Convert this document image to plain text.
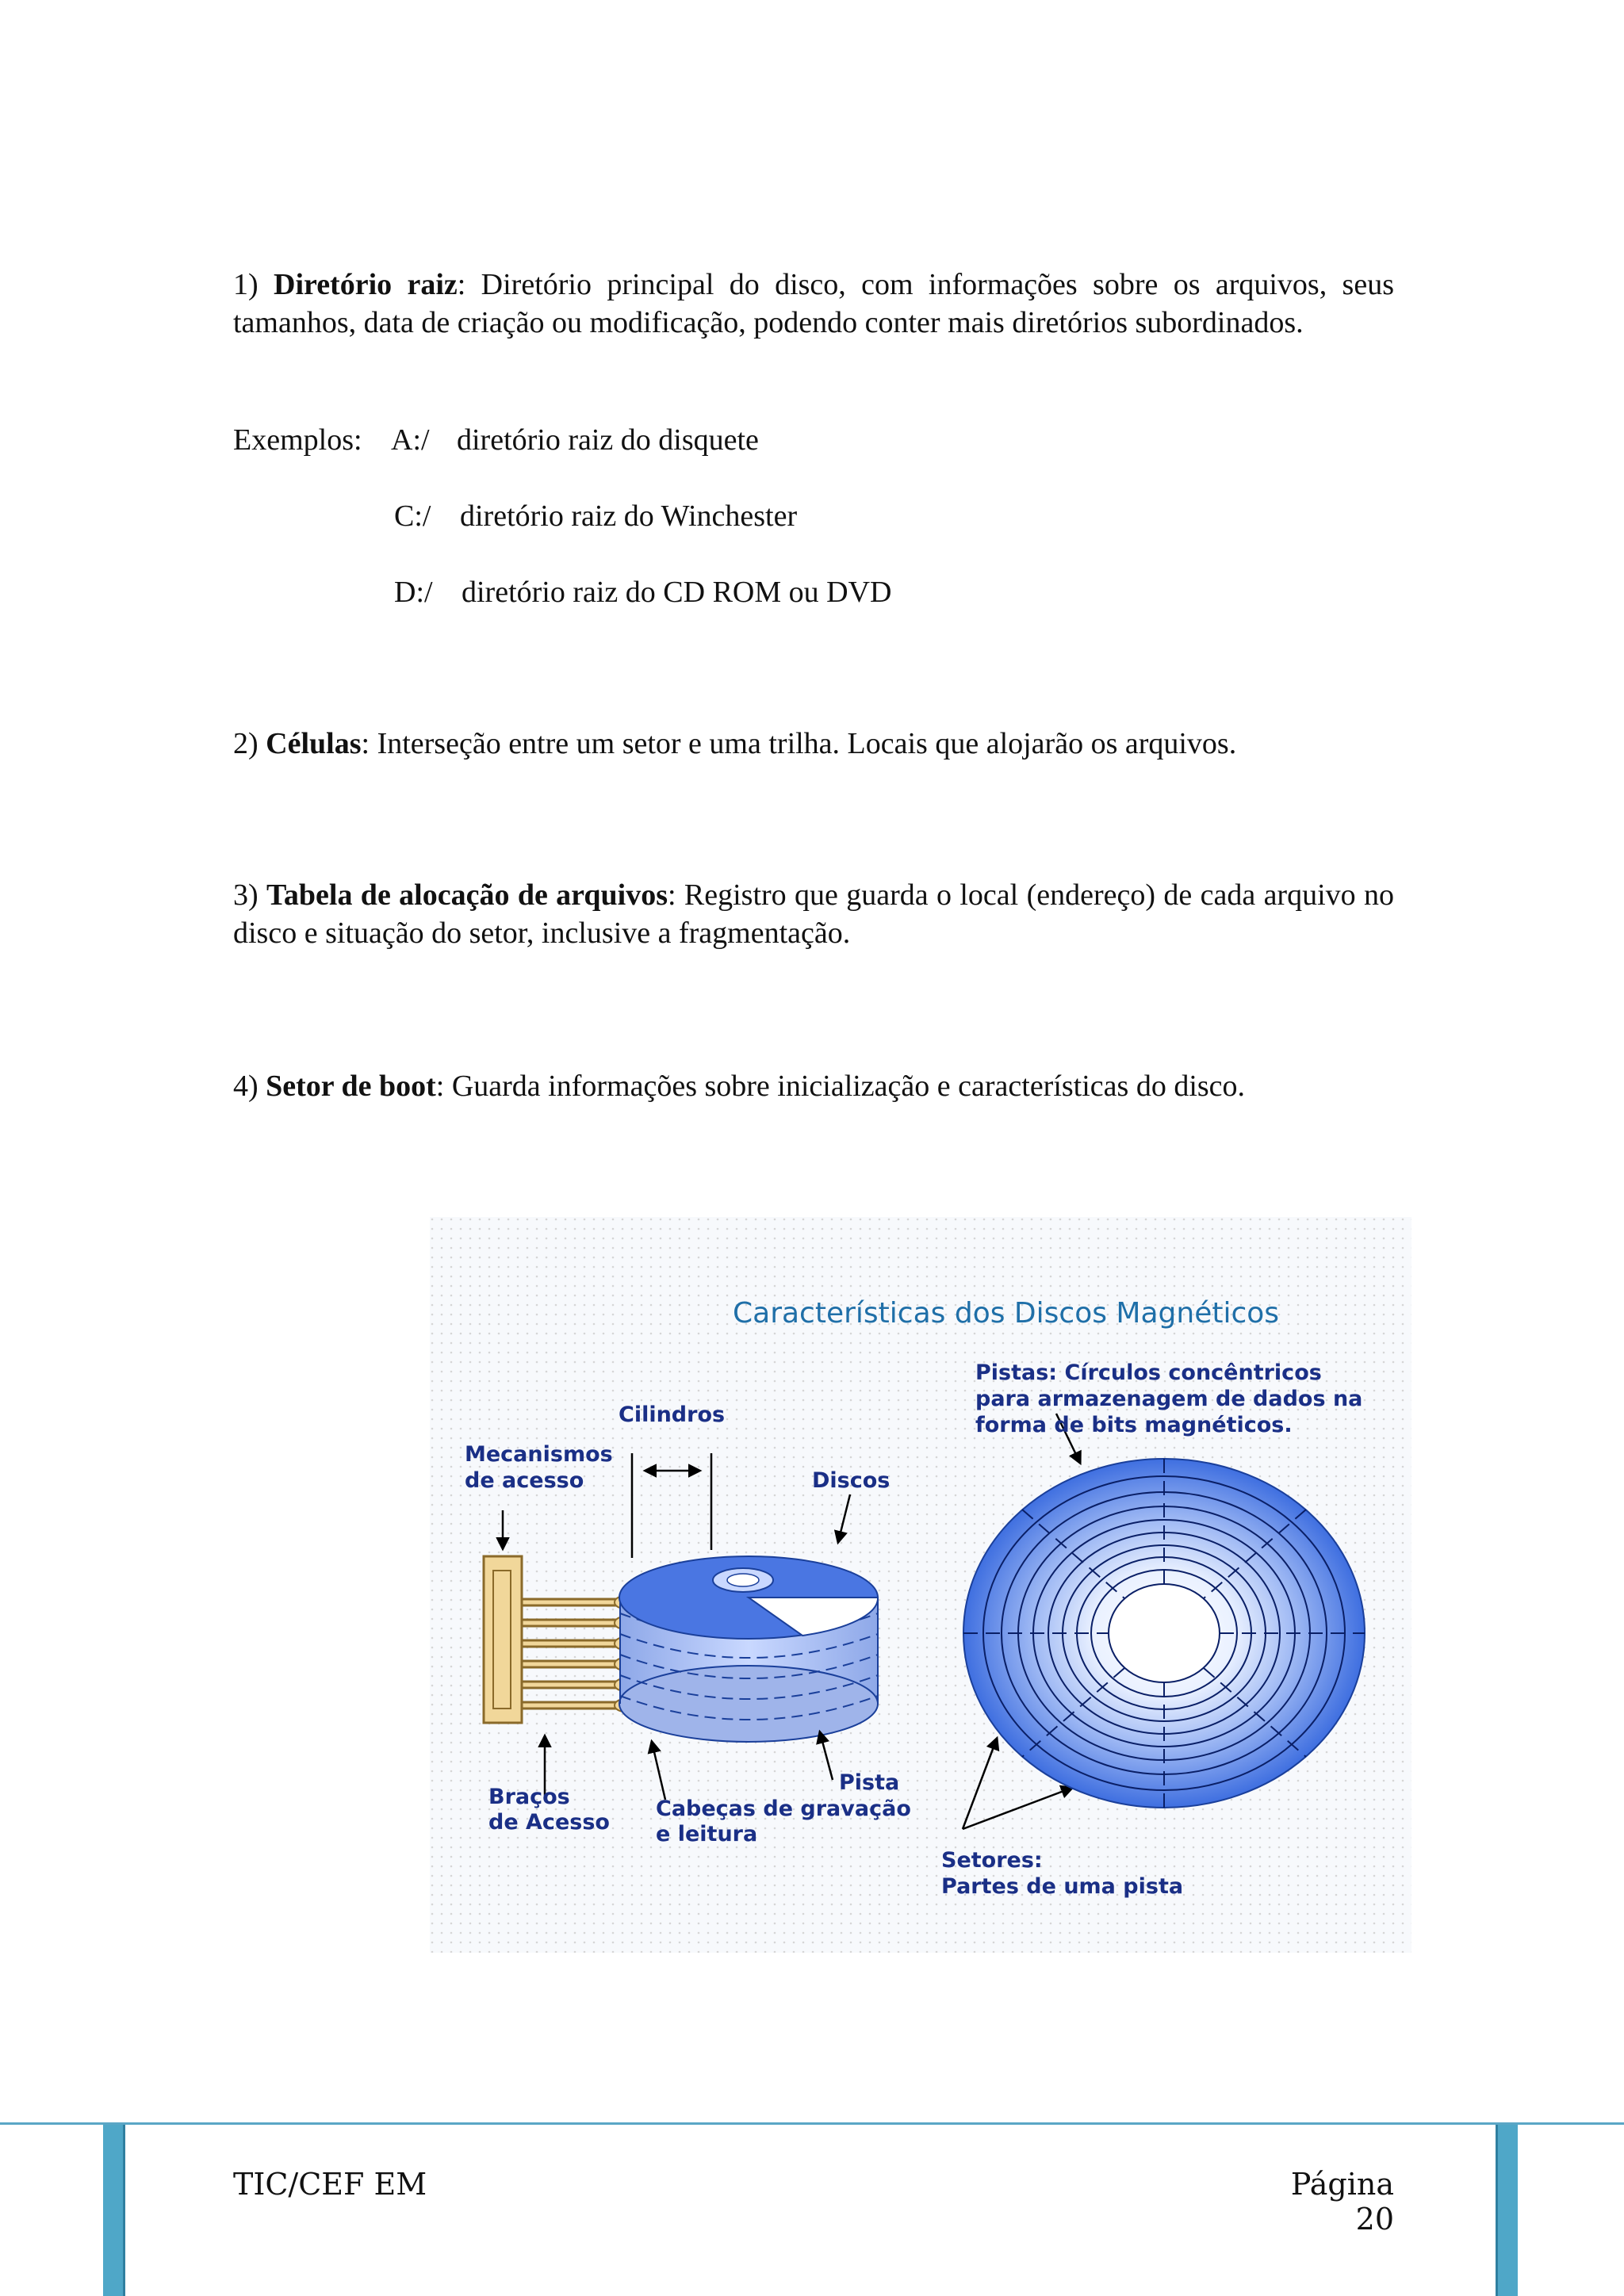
1) Diretório raiz: Diretório principal do disco, com informações sobre os arquivos, seus tamanhos, data de criação ou modificação, podendo conter mais diretórios subordinados.

Exemplos: A:/ diretório raiz do disquete
C:/ diretório raiz do Winchester
D:/ diretório raiz do CD ROM ou DVD

2) Células: Interseção entre um setor e uma trilha. Locais que alojarão os arquivos.

3) Tabela de alocação de arquivos: Registro que guarda o local (endereço) de cada arquivo no disco e situação do setor, inclusive a fragmentação.

4) Setor de boot: Guarda informações sobre inicialização e características do disco.

Características dos Discos Magnéticos
Cilindros
Mecanismos
de acesso	Discos
Braços
de Acesso
Cabeças de gravação
e leitura
Pista
Pistas: Círculos concêntricos
para armazenagem de dados na
forma de bits magnéticos.
Setores:
Partes de uma pista
TIC/CEF EM	Página 20
